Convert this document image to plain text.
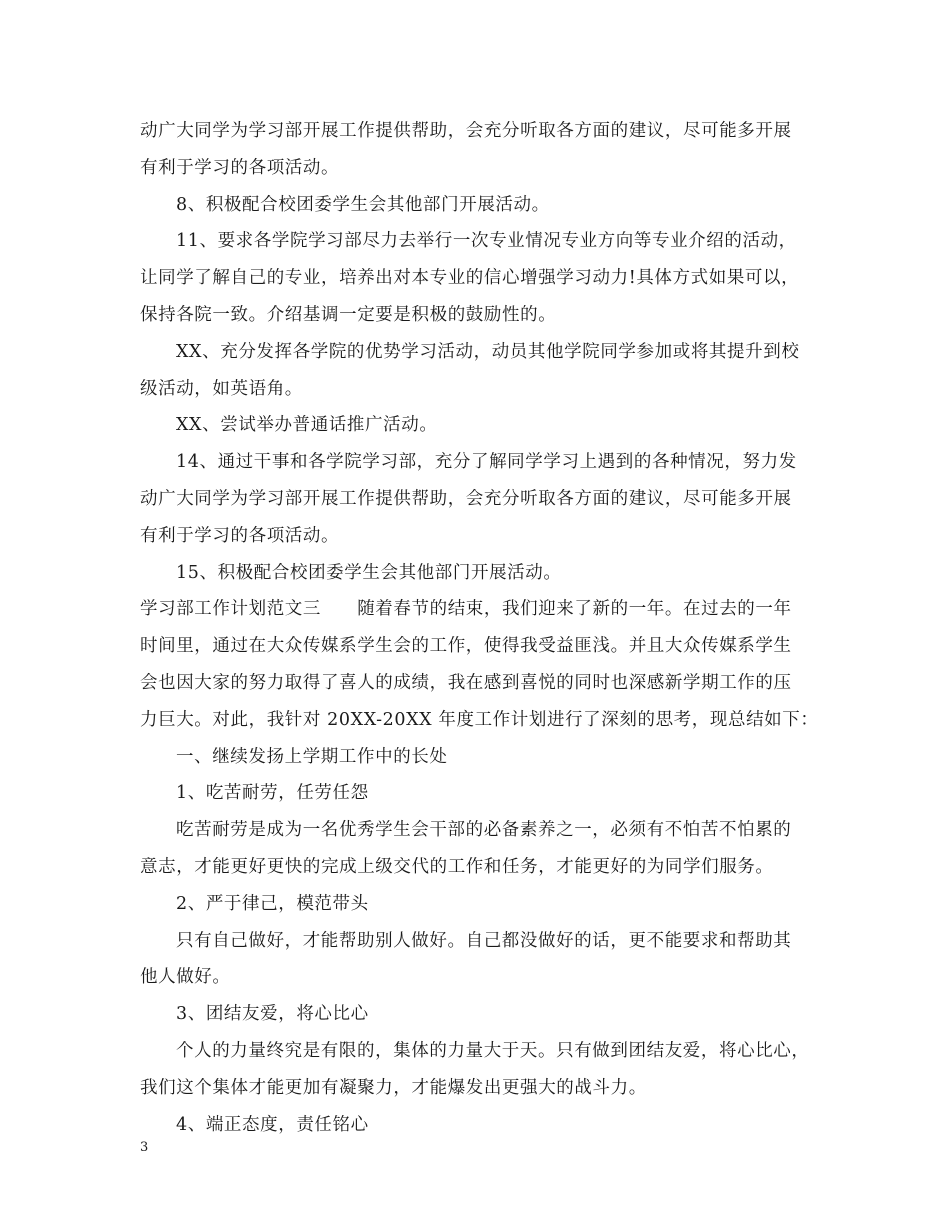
动广大同学为学习部开展工作提供帮助，会充分听取各方面的建议，尽可能多开展
有利于学习的各项活动。
8、积极配合校团委学生会其他部门开展活动。
11、要求各学院学习部尽力去举行一次专业情况专业方向等专业介绍的活动，
让同学了解自己的专业，培养出对本专业的信心增强学习动力!具体方式如果可以，
保持各院一致。介绍基调一定要是积极的鼓励性的。
XX、充分发挥各学院的优势学习活动，动员其他学院同学参加或将其提升到校
级活动，如英语角。
XX、尝试举办普通话推广活动。
14、通过干事和各学院学习部，充分了解同学学习上遇到的各种情况，努力发
动广大同学为学习部开展工作提供帮助，会充分听取各方面的建议，尽可能多开展
有利于学习的各项活动。
15、积极配合校团委学生会其他部门开展活动。
学习部工作计划范文三　　随着春节的结束，我们迎来了新的一年。在过去的一年
时间里，通过在大众传媒系学生会的工作，使得我受益匪浅。并且大众传媒系学生
会也因大家的努力取得了喜人的成绩，我在感到喜悦的同时也深感新学期工作的压
力巨大。对此，我针对 20XX-20XX 年度工作计划进行了深刻的思考，现总结如下：
一、继续发扬上学期工作中的长处
1、吃苦耐劳，任劳任怨
吃苦耐劳是成为一名优秀学生会干部的必备素养之一，必须有不怕苦不怕累的
意志，才能更好更快的完成上级交代的工作和任务，才能更好的为同学们服务。
2、严于律己，模范带头
只有自己做好，才能帮助别人做好。自己都没做好的话，更不能要求和帮助其
他人做好。
3、团结友爱，将心比心
个人的力量终究是有限的，集体的力量大于天。只有做到团结友爱，将心比心，
我们这个集体才能更加有凝聚力，才能爆发出更强大的战斗力。
4、端正态度，责任铭心
3
